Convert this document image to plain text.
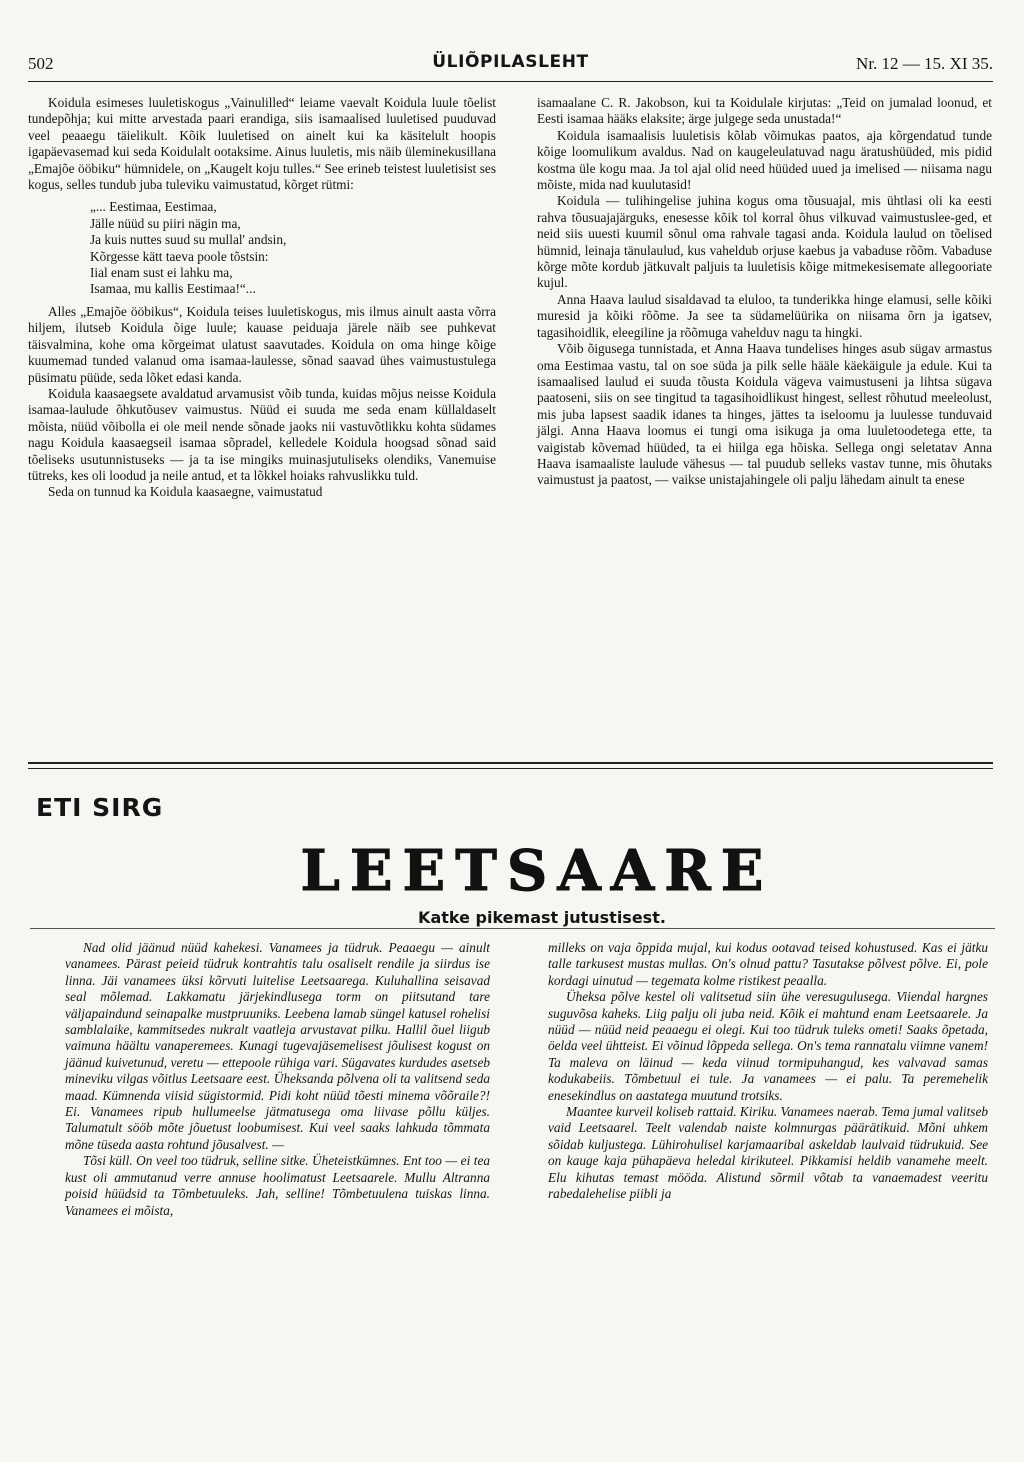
502	ÜLIÕPILASLEHT	Nr. 12 — 15. XI 35.

Koidula esimeses luuletiskogus „Vainulilled“ leiame vaevalt Koidula luule tõelist tundepõhja; kui mitte arvestada paari erandiga, siis isamaalised luuletised puuduvad veel peaaegu täielikult. Kõik luuletised on ainelt kui ka käsitelult hoopis igapäevasemad kui seda Koidulalt ootaksime. Ainus luuletis, mis näib üleminekusillana „Emajõe ööbiku“ hümnidele, on „Kaugelt koju tulles.“ See erineb teistest luuletisist ses kogus, selles tundub juba tuleviku vaimustatud, kõrget rütmi:

„... Eestimaa, Eestimaa,
Jälle nüüd su piiri nägin ma,
Ja kuis nuttes suud su mullal' andsin,
Kõrgesse kätt taeva poole tõstsin:
Iial enam sust ei lahku ma,
Isamaa, mu kallis Eestimaa!“...

Alles „Emajõe ööbikus“, Koidula teises luuletiskogus, mis ilmus ainult aasta võrra hiljem, ilutseb Koidula õige luule; kauase peiduaja järele näib see puhkevat täisvalmina, kohe oma kõrgeimat ulatust saavutades. Koidula on oma hinge kõige kuumemad tunded valanud oma isamaa-laulesse, sõnad saavad ühes vaimustustulega püsimatu püüde, seda lõket edasi kanda.

Koidula kaasaegsete avaldatud arvamusist võib tunda, kuidas mõjus neisse Koidula isamaa-laulude õhkutõusev vaimustus. Nüüd ei suuda me seda enam küllaldaselt mõista, nüüd võibolla ei ole meil nende sõnade jaoks nii vastuvõtlikku kohta südames nagu Koidula kaasaegseil isamaa sõpradel, kelledele Koidula hoogsad sõnad said tõeliseks usutunnistuseks — ja ta ise mingiks muinasjutuliseks olendiks, Vanemuise tütreks, kes oli loodud ja neile antud, et ta lõkkel hoiaks rahvuslikku tuld.

Seda on tunnud ka Koidula kaasaegne, vaimustatud

isamaalane C. R. Jakobson, kui ta Koidulale kirjutas: „Teid on jumalad loonud, et Eesti isamaa hääks elaksite; ärge julgege seda unustada!“

Koidula isamaalisis luuletisis kõlab võimukas paatos, aja kõrgendatud tunde kõige loomulikum avaldus. Nad on kaugeleulatuvad nagu äratushüüded, mis pidid kostma üle kogu maa. Ja tol ajal olid need hüüded uued ja imelised — niisama nagu mõiste, mida nad kuulutasid!

Koidula — tulihingelise juhina kogus oma tõusuajal, mis ühtlasi oli ka eesti rahva tõusuajajärguks, enesesse kõik tol korral õhus vilkuvad vaimustuslee-ged, et neid siis uuesti kuumil sõnul oma rahvale tagasi anda. Koidula laulud on tõelised hümnid, leinaja tänulaulud, kus vaheldub orjuse kaebus ja vabaduse rõõm. Vabaduse kõrge mõte kordub jätkuvalt paljuis ta luuletisis kõige mitmekesisemate allegooriate kujul.

Anna Haava laulud sisaldavad ta eluloo, ta tunderikka hinge elamusi, selle kõiki muresid ja kõiki rõõme. Ja see ta südamelüürika on niisama õrn ja igatsev, tagasihoidlik, eleegiline ja rõõmuga vahelduv nagu ta hingki.

Võib õigusega tunnistada, et Anna Haava tundelises hinges asub sügav armastus oma Eestimaa vastu, tal on soe süda ja pilk selle hääle käekäigule ja edule. Kui ta isamaalised laulud ei suuda tõusta Koidula vägeva vaimustuseni ja lihtsa sügava paatoseni, siis on see tingitud ta tagasihoidlikust hingest, sellest rõhutud meeleolust, mis juba lapsest saadik idanes ta hinges, jättes ta iseloomu ja luulesse tunduvaid jälgi. Anna Haava loomus ei tungi oma isikuga ja oma luuletoodetega ette, ta vaigistab kõvemad hüüded, ta ei hiilga ega hõiska. Sellega ongi seletatav Anna Haava isamaaliste laulude vähesus — tal puudub selleks vastav tunne, mis õhutaks vaimustust ja paatost, — vaikse unistajahingele oli palju lähedam ainult ta enese

ETI SIRG
LEETSAARE
Katke pikemast jutustisest.

Nad olid jäänud nüüd kahekesi. Vanamees ja tüdruk. Peaaegu — ainult vanamees. Pärast peieid tüdruk kontrahtis talu osaliselt rendile ja siirdus ise linna. Jäi vanamees üksi kõrvuti luitelise Leetsaarega. Kuluhallina seisavad seal mõlemad. Lakkamatu järjekindlusega torm on piitsutand tare väljapaindund seinapalke mustpruuniks. Leebena lamab süngel katusel rohelisi samblalaike, kammitsedes nukralt vaatleja arvustavat pilku. Hallil õuel liigub vaimuna häältu vanaperemees. Kunagi tugevajäsemelisest jõulisest kogust on jäänud kuivetunud, veretu — ettepoole rühiga vari. Sügavates kurdudes asetseb mineviku vilgas võitlus Leetsaare eest. Üheksanda põlvena oli ta valitsend seda maad. Kümnenda viisid sügistormid. Pidi koht nüüd tõesti minema võõraile?! Ei. Vanamees ripub hullumeelse jätmatusega oma liivase põllu küljes. Talumatult sööb mõte jõuetust loobumisest. Kui veel saaks lahkuda tõmmata mõne tüseda aasta rohtund jõusalvest. —

Tõsi küll. On veel too tüdruk, selline sitke. Üheteistkümnes. Ent too — ei tea kust oli ammutanud verre annuse hoolimatust Leetsaarele. Mullu Altranna poisid hüüdsid ta Tõmbetuuleks. Jah, selline! Tõmbetuulena tuiskas linna. Vanamees ei mõista,

milleks on vaja õppida mujal, kui kodus ootavad teised kohustused. Kas ei jätku talle tarkusest mustas mullas. On's olnud pattu? Tasutakse põlvest põlve. Ei, pole kordagi uinutud — tegemata kolme ristikest peaalla.

Üheksa põlve kestel oli valitsetud siin ühe veresugulusega. Viiendal hargnes suguvõsa kaheks. Liig palju oli juba neid. Kõik ei mahtund enam Leetsaarele. Ja nüüd — nüüd neid peaaegu ei olegi. Kui too tüdruk tuleks ometi! Saaks õpetada, öelda veel ühtteist. Ei võinud lõppeda sellega. On's tema rannatalu viimne vanem! Ta maleva on läinud — keda viinud tormipuhangud, kes valvavad samas kodukabeiis. Tõmbetuul ei tule. Ja vanamees — ei palu. Ta peremehelik enesekindlus on aastatega muutund trotsiks.

Maantee kurveil koliseb rattaid. Kiriku. Vanamees naerab. Tema jumal valitseb vaid Leetsaarel. Teelt valendab naiste kolmnurgas päärätikuid. Mõni uhkem sõidab kuljustega. Lühirohulisel karjamaaribal askeldab laulvaid tüdrukuid. See on kauge kaja pühapäeva heledal kirikuteel. Pikkamisi heldib vanamehe meelt. Elu kihutas temast mööda. Alistund sõrmil võtab ta vanaemadest veeritu rabedalehelise piibli ja
